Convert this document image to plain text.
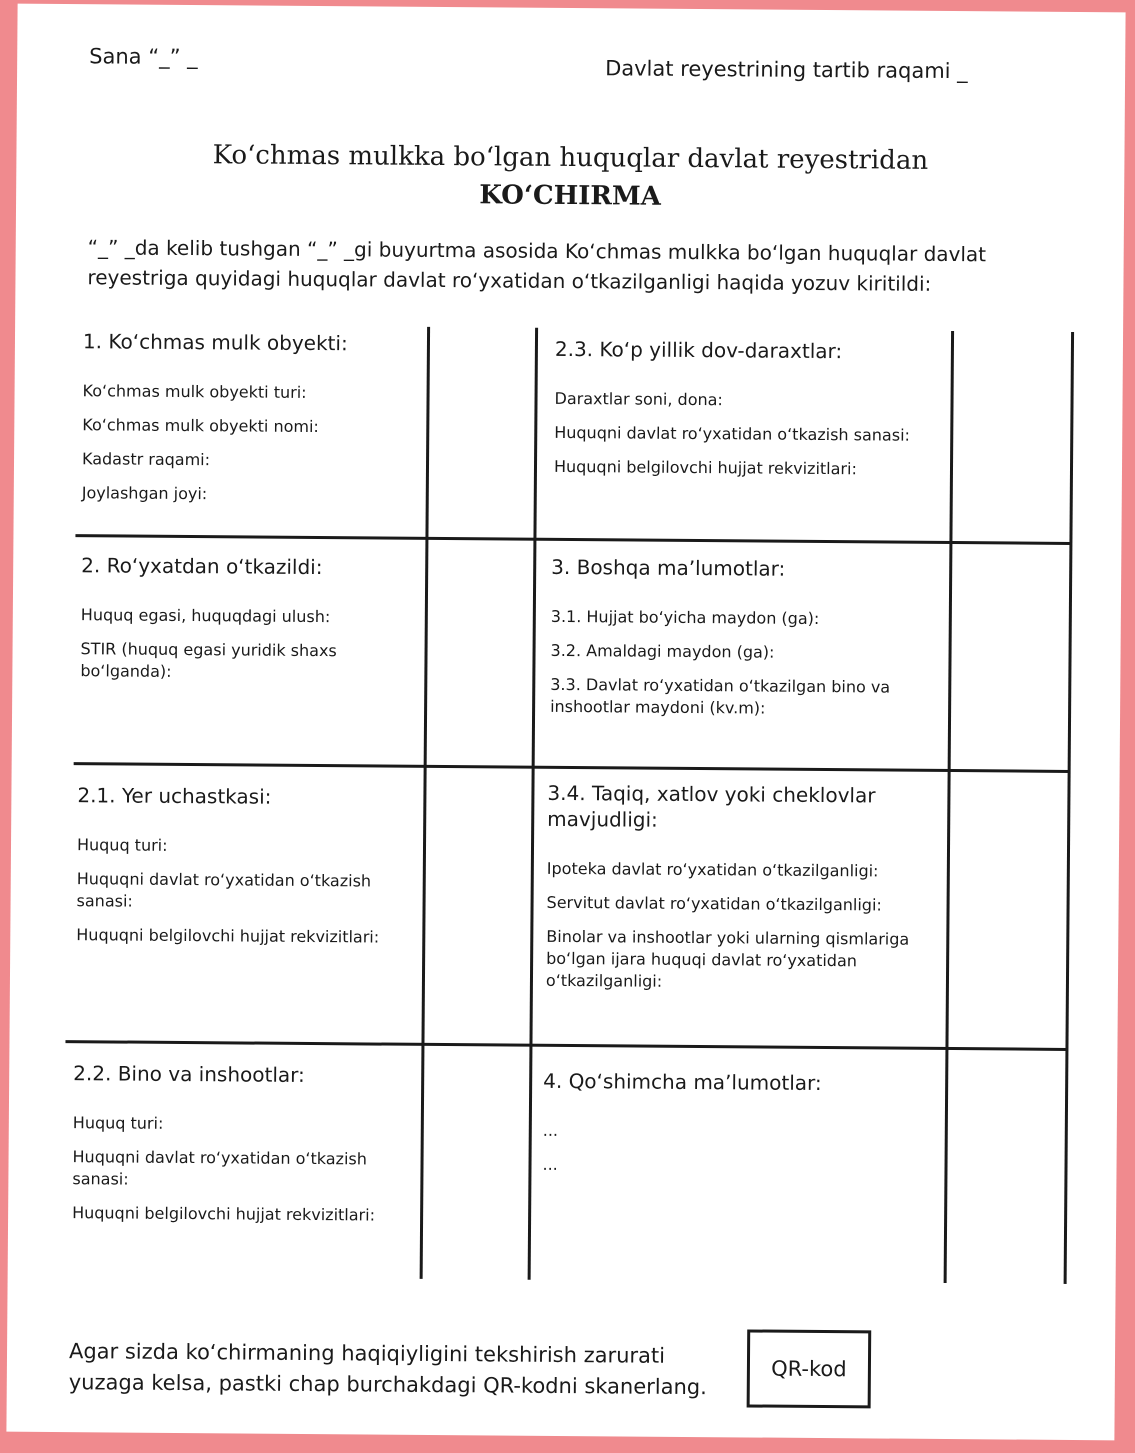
Sana “_” _	Davlat reyestrining tartib raqami _
Koʻchmas mulkka boʻlgan huquqlar davlat reyestridan
KOʻCHIRMA
“_” _da kelib tushgan “_” _gi buyurtma asosida Koʻchmas mulkka boʻlgan huquqlar davlat reyestriga quyidagi huquqlar davlat roʻyxatidan oʻtkazilganligi haqida yozuv kiritildi:
1. Koʻchmas mulk obyekti:
Koʻchmas mulk obyekti turi:
Koʻchmas mulk obyekti nomi:
Kadastr raqami:
Joylashgan joyi:
2. Roʻyxatdan oʻtkazildi:
Huquq egasi, huquqdagi ulush:
STIR (huquq egasi yuridik shaxs boʻlganda):
2.1. Yer uchastkasi:
Huquq turi:
Huquqni davlat roʻyxatidan oʻtkazish sanasi:
Huquqni belgilovchi hujjat rekvizitlari:
2.2. Bino va inshootlar:
Huquq turi:
Huquqni davlat roʻyxatidan oʻtkazish sanasi:
Huquqni belgilovchi hujjat rekvizitlari:
2.3. Koʻp yillik dov-daraxtlar:
Daraxtlar soni, dona:
Huquqni davlat roʻyxatidan oʻtkazish sanasi:
Huquqni belgilovchi hujjat rekvizitlari:
3. Boshqa ma’lumotlar:
3.1. Hujjat boʻyicha maydon (ga):
3.2. Amaldagi maydon (ga):
3.3. Davlat roʻyxatidan oʻtkazilgan bino va inshootlar maydoni (kv.m):
3.4. Taqiq, xatlov yoki cheklovlar mavjudligi:
Ipoteka davlat roʻyxatidan oʻtkazilganligi:
Servitut davlat roʻyxatidan oʻtkazilganligi:
Binolar va inshootlar yoki ularning qismlariga boʻlgan ijara huquqi davlat roʻyxatidan oʻtkazilganligi:
4. Qoʻshimcha ma’lumotlar:
...
...
Agar sizda koʻchirmaning haqiqiyligini tekshirish zarurati yuzaga kelsa, pastki chap burchakdagi QR-kodni skanerlang.
QR-kod
